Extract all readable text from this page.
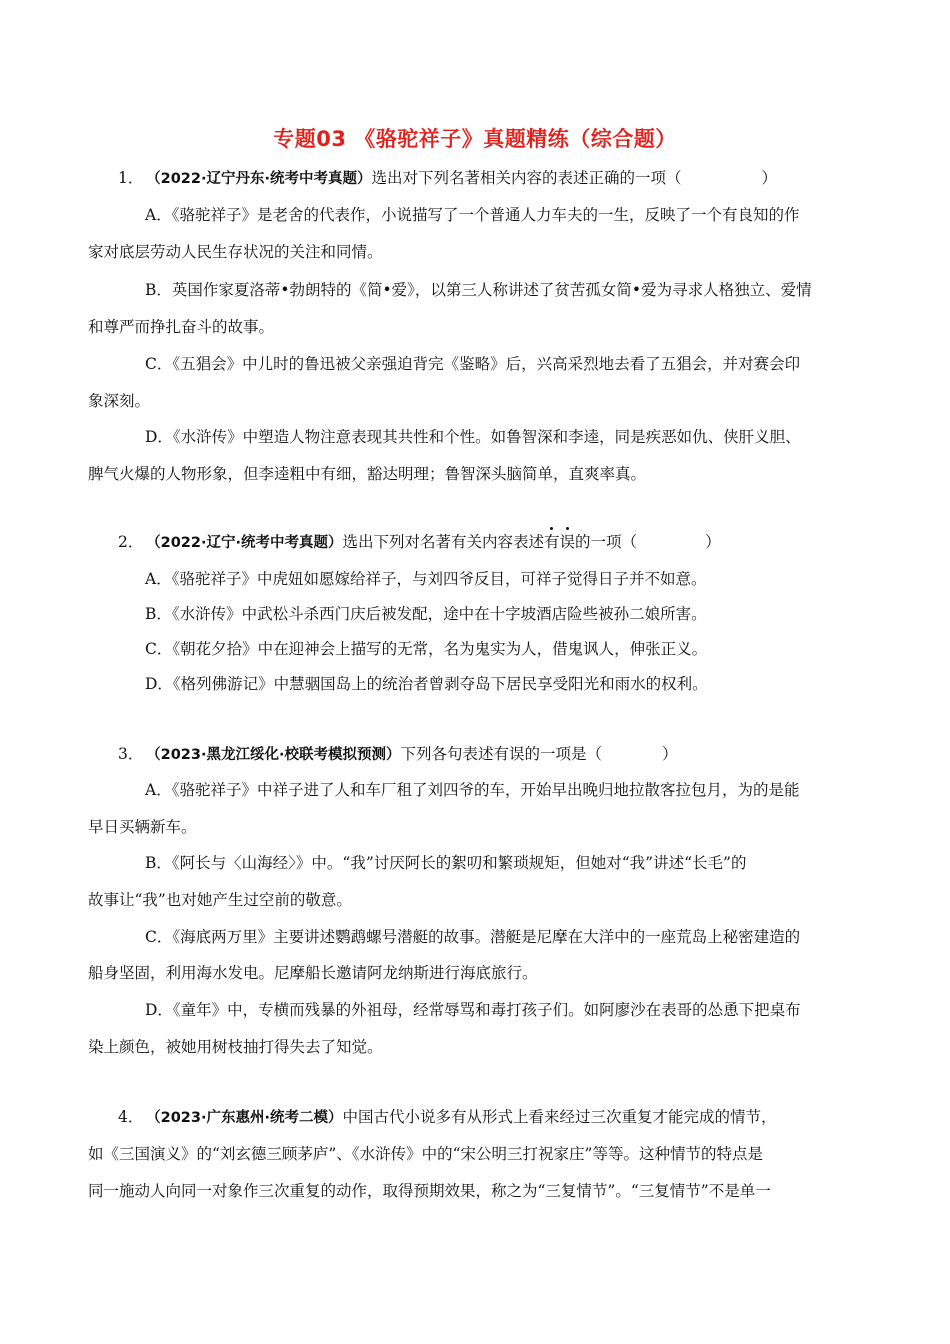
专题03 《骆驼祥子》真题精练（综合题）
1． （2022·辽宁丹东·统考中考真题）选出对下列名著相关内容的表述正确的一项（	）
A．《骆驼祥子》是老舍的代表作，小说描写了一个普通人力车夫的一生，反映了一个有良知的作
家对底层劳动人民生存状况的关注和同情。
B．英国作家夏洛蒂•勃朗特的《简•爱》，以第三人称讲述了贫苦孤女简•爱为寻求人格独立、爱情
和尊严而挣扎奋斗的故事。
C．《五猖会》中儿时的鲁迅被父亲强迫背完《鉴略》后，兴高采烈地去看了五猖会，并对赛会印
象深刻。
D．《水浒传》中塑造人物注意表现其共性和个性。如鲁智深和李逵，同是疾恶如仇、侠肝义胆、
脾气火爆的人物形象，但李逵粗中有细，豁达明理；鲁智深头脑简单，直爽率真。
2． （2022·辽宁·统考中考真题）选出下列对名著有关内容表述有误的一项（	）
A．《骆驼祥子》中虎妞如愿嫁给祥子，与刘四爷反目，可祥子觉得日子并不如意。
B．《水浒传》中武松斗杀西门庆后被发配，途中在十字坡酒店险些被孙二娘所害。
C．《朝花夕拾》中在迎神会上描写的无常，名为鬼实为人，借鬼讽人，伸张正义。
D．《格列佛游记》中慧骃国岛上的统治者曾剥夺岛下居民享受阳光和雨水的权利。
3． （2023·黑龙江绥化·校联考模拟预测）下列各句表述有误的一项是（	）
A．《骆驼祥子》中祥子进了人和车厂租了刘四爷的车，开始早出晚归地拉散客拉包月，为的是能
早日买辆新车。
B．《阿长与〈山海经〉》中。“我”讨厌阿长的絮叨和繁琐规矩，但她对“我”讲述“长毛”的
故事让“我”也对她产生过空前的敬意。
C．《海底两万里》主要讲述鹦鹉螺号潜艇的故事。潜艇是尼摩在大洋中的一座荒岛上秘密建造的
船身坚固，利用海水发电。尼摩船长邀请阿龙纳斯进行海底旅行。
D．《童年》中，专横而残暴的外祖母，经常辱骂和毒打孩子们。如阿廖沙在表哥的怂恿下把桌布
染上颜色，被她用树枝抽打得失去了知觉。
4． （2023·广东惠州·统考二模）中国古代小说多有从形式上看来经过三次重复才能完成的情节，
如《三国演义》的“刘玄德三顾茅庐”、《水浒传》中的“宋公明三打祝家庄”等等。这种情节的特点是
同一施动人向同一对象作三次重复的动作，取得预期效果，称之为“三复情节”。“三复情节”不是单一
